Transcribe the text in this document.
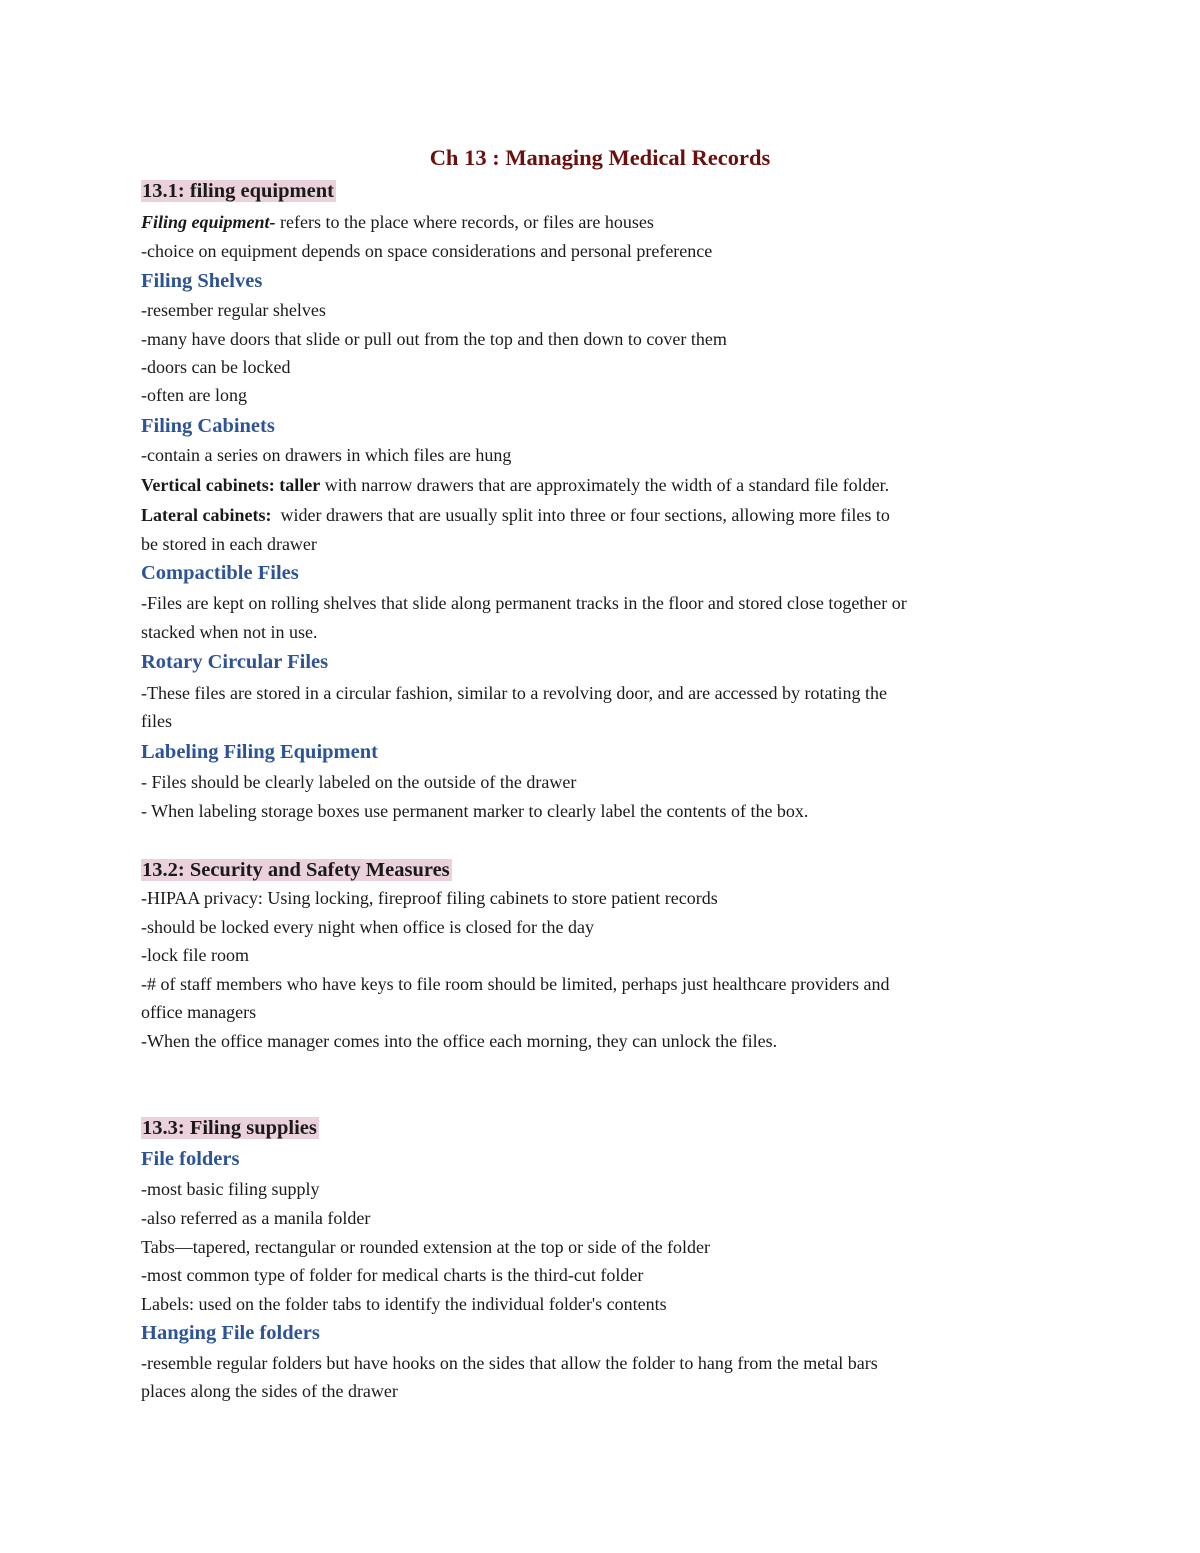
Ch 13 : Managing Medical Records
13.1: filing equipment
Filing equipment- refers to the place where records, or files are houses
-choice on equipment depends on space considerations and personal preference
Filing Shelves
-resember regular shelves
-many have doors that slide or pull out from the top and then down to cover them
-doors can be locked
-often are long
Filing Cabinets
-contain a series on drawers in which files are hung
Vertical cabinets: taller with narrow drawers that are approximately the width of a standard file folder.
Lateral cabinets:  wider drawers that are usually split into three or four sections, allowing more files to
be stored in each drawer
Compactible Files
-Files are kept on rolling shelves that slide along permanent tracks in the floor and stored close together or
stacked when not in use.
Rotary Circular Files
-These files are stored in a circular fashion, similar to a revolving door, and are accessed by rotating the
files
Labeling Filing Equipment
- Files should be clearly labeled on the outside of the drawer
- When labeling storage boxes use permanent marker to clearly label the contents of the box.
13.2: Security and Safety Measures
-HIPAA privacy: Using locking, fireproof filing cabinets to store patient records
-should be locked every night when office is closed for the day
-lock file room
-# of staff members who have keys to file room should be limited, perhaps just healthcare providers and
office managers
-When the office manager comes into the office each morning, they can unlock the files.
13.3: Filing supplies
File folders
-most basic filing supply
-also referred as a manila folder
Tabs—tapered, rectangular or rounded extension at the top or side of the folder
-most common type of folder for medical charts is the third-cut folder
Labels: used on the folder tabs to identify the individual folder's contents
Hanging File folders
-resemble regular folders but have hooks on the sides that allow the folder to hang from the metal bars
places along the sides of the drawer
